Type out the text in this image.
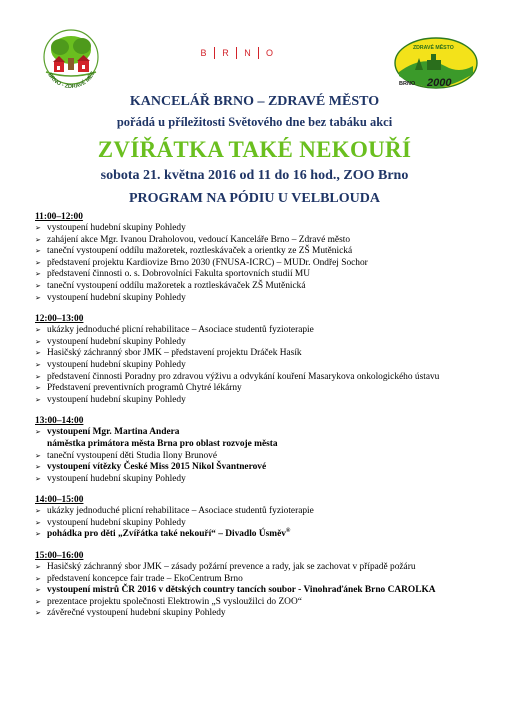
BRNO - ZDRAVÉ MĚS
B	R	N	O	ZDRAVÉ MĚSTO
BRNO 2000
KANCELÁŘ BRNO – ZDRAVÉ MĚSTO
pořádá u příležitosti Světového dne bez tabáku akci
ZVÍŘÁTKA TAKÉ NEKOUŘÍ
sobota 21. května 2016 od 11 do 16 hod., ZOO Brno
PROGRAM NA PÓDIU U VELBLOUDA
11:00–12:00
➢ vystoupení hudební skupiny Pohledy
➢ zahájení akce Mgr. Ivanou Draholovou, vedoucí Kanceláře Brno – Zdravé město
➢ taneční vystoupení oddílu mažoretek, roztleskávaček a orientky ze ZŠ Mutěnická
➢ představení projektu Kardiovize Brno 2030 (FNUSA-ICRC) – MUDr. Ondřej Sochor
➢ představení činnosti o. s. Dobrovolníci Fakulta sportovních studií MU
➢ taneční vystoupení oddílu mažoretek a roztleskávaček ZŠ Mutěnická
➢ vystoupení hudební skupiny Pohledy
12:00–13:00
➢ ukázky jednoduché plicní rehabilitace – Asociace studentů fyzioterapie
➢ vystoupení hudební skupiny Pohledy
➢ Hasičský záchranný sbor JMK – představení projektu Dráček Hasík
➢ vystoupení hudební skupiny Pohledy
➢ představení činnosti Poradny pro zdravou výživu a odvykání kouření Masarykova onkologického ústavu
➢ Představení preventivních programů Chytré lékárny
➢ vystoupení hudební skupiny Pohledy
13:00–14:00
➢ vystoupení Mgr. Martina Andera
náměstka primátora města Brna pro oblast rozvoje města
➢ taneční vystoupení děti Studia Ilony Brunové
➢ vystoupení vítězky České Miss 2015 Nikol Švantnerové
➢ vystoupení hudební skupiny Pohledy
14:00–15:00
➢ ukázky jednoduché plicní rehabilitace – Asociace studentů fyzioterapie
➢ vystoupení hudební skupiny Pohledy
➢ pohádka pro děti „Zvířátka také nekouří“ – Divadlo Úsměv®
15:00–16:00
➢ Hasičský záchranný sbor JMK – zásady požární prevence a rady, jak se zachovat v případě požáru
➢ představení koncepce fair trade – EkoCentrum Brno
➢ vystoupení mistrů ČR 2016 v dětských country tancích soubor - Vinohraďánek Brno CAROLKA
➢ prezentace projektu společnosti Elektrowin „S vysloužilci do ZOO“
➢ závěrečné vystoupení hudební skupiny Pohledy
